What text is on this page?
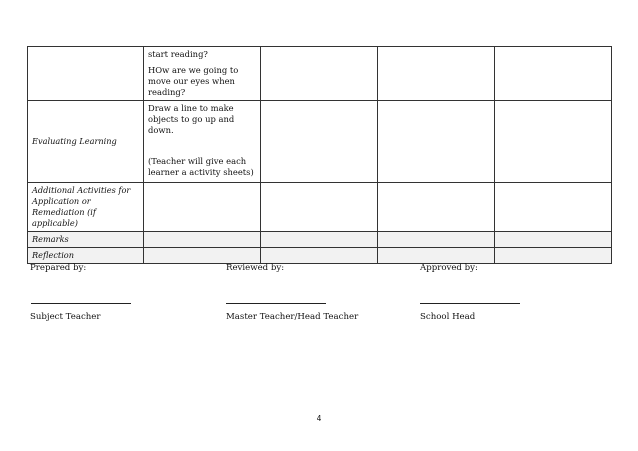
	start reading?
HOw are we going to move our eyes when reading?			

Evaluating Learning	Draw a line to make objects to go up and down.
(Teacher will give each learner a activity sheets)			

Additional Activities for Application or Remediation (if applicable)				
Remarks				
Reflection				
Prepared by:	Reviewed by:	Approved by:
Subject Teacher	Master Teacher/Head Teacher	School Head
4
